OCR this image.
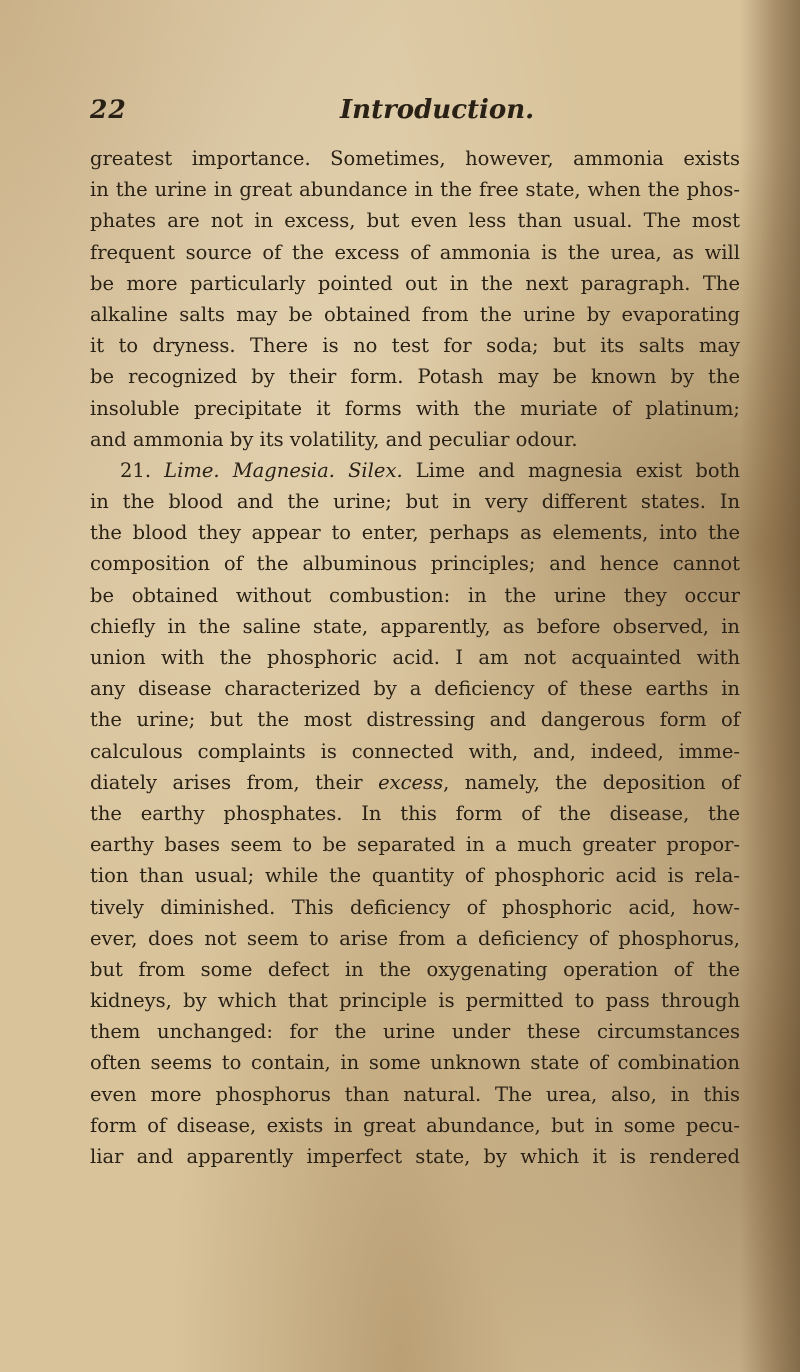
22	Introduction.
greatest importance. Sometimes, however, ammonia exists
in the urine in great abundance in the free state, when the phos-
phates are not in excess, but even less than usual. The most
frequent source of the excess of ammonia is the urea, as will
be more particularly pointed out in the next paragraph. The
alkaline salts may be obtained from the urine by evaporating
it to dryness. There is no test for soda; but its salts may
be recognized by their form. Potash may be known by the
insoluble precipitate it forms with the muriate of platinum;
and ammonia by its volatility, and peculiar odour.
21. Lime. Magnesia. Silex. Lime and magnesia exist both
in the blood and the urine; but in very different states. In
the blood they appear to enter, perhaps as elements, into the
composition of the albuminous principles; and hence cannot
be obtained without combustion: in the urine they occur
chiefly in the saline state, apparently, as before observed, in
union with the phosphoric acid. I am not acquainted with
any disease characterized by a deficiency of these earths in
the urine; but the most distressing and dangerous form of
calculous complaints is connected with, and, indeed, imme-
diately arises from, their excess, namely, the deposition of
the earthy phosphates. In this form of the disease, the
earthy bases seem to be separated in a much greater propor-
tion than usual; while the quantity of phosphoric acid is rela-
tively diminished. This deficiency of phosphoric acid, how-
ever, does not seem to arise from a deficiency of phosphorus,
but from some defect in the oxygenating operation of the
kidneys, by which that principle is permitted to pass through
them unchanged: for the urine under these circumstances
often seems to contain, in some unknown state of combination
even more phosphorus than natural. The urea, also, in this
form of disease, exists in great abundance, but in some pecu-
liar and apparently imperfect state, by which it is rendered
